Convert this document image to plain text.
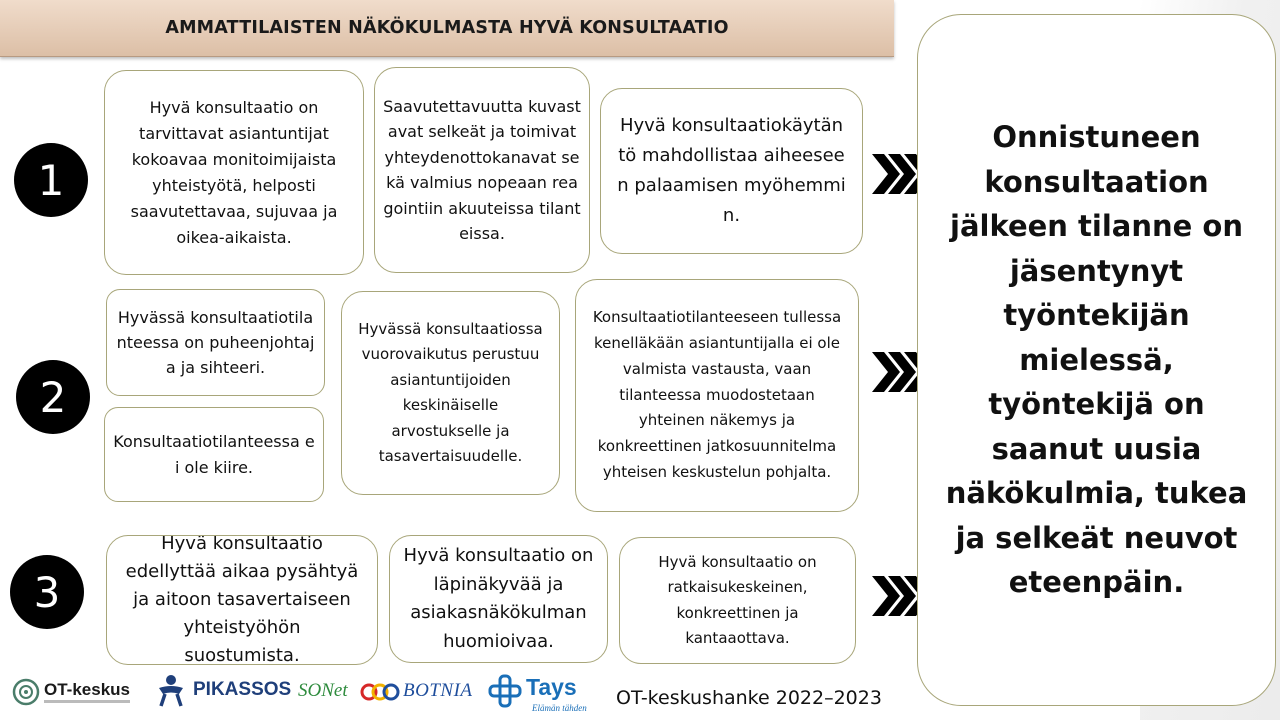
AMMATTILAISTEN NÄKÖKULMASTA HYVÄ KONSULTAATIO
1
Hyvä konsultaatio on tarvittavat asiantuntijat kokoavaa monitoimijaista yhteistyötä, helposti saavutettavaa, sujuvaa ja oikea-aikaista.
Saavutettavuutta kuvastavat selkeät ja toimivat yhteydenottokanavat sekä valmius nopeaan reagointiin akuuteissa tilanteissa.
Hyvä konsultaatiokäytäntö mahdollistaa aiheeseen palaamisen myöhemmin.
2
Hyvässä konsultaatiotilanteessa on puheenjohtaja ja sihteeri.
Konsultaatiotilanteessa ei ole kiire.
Hyvässä konsultaatiossa vuorovaikutus perustuu asiantuntijoiden keskinäiselle arvostukselle ja tasavertaisuudelle.
Konsultaatiotilanteeseen tullessa kenelläkään asiantuntijalla ei ole valmista vastausta, vaan tilanteessa muodostetaan yhteinen näkemys ja konkreettinen jatkosuunnitelma yhteisen keskustelun pohjalta.
3
Hyvä konsultaatio edellyttää aikaa pysähtyä ja aitoon tasavertaiseen yhteistyöhön suostumista.
Hyvä konsultaatio on läpinäkyvää ja asiakasnäkökulman huomioivaa.
Hyvä konsultaatio on ratkaisukeskeinen, konkreettinen ja kantaaottava.
Onnistuneen konsultaation jälkeen tilanne on jäsentynyt työntekijän mielessä, työntekijä on saanut uusia näkökulmia, tukea ja selkeät neuvot eteenpäin.
OT-keskus	PIKASSOS SONet	BOTNIA Tays
Elämän tähden OT-keskushanke 2022–2023
